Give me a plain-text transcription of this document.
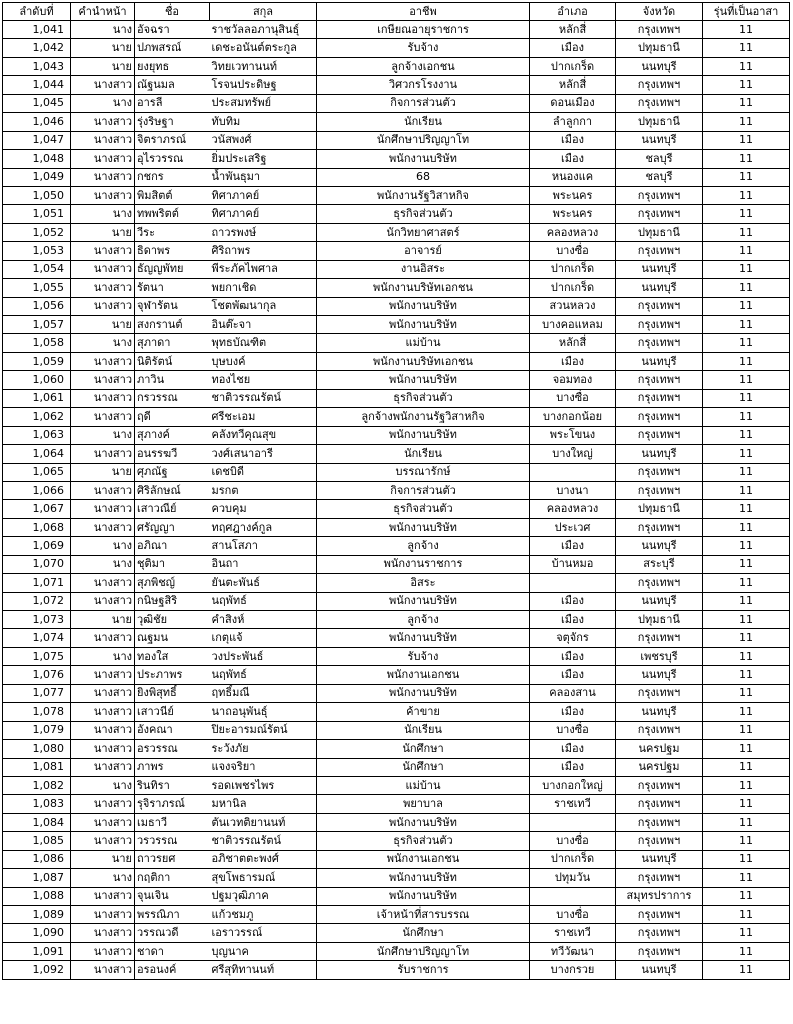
ลำดับที่	คำนำหน้า	ชื่อ	สกุล	อาชีพ	อำเภอ	จังหวัด	รุ่นที่เป็นอาสา
1,041	นาง	อัจฉรา	ราชวัลลอภานุสินธุ์	เกษียณอายุราชการ	หลักสี่	กรุงเทพฯ	11
1,042	นาย	ปภพสรณ์	เดชะอนันต์ตระกูล	รับจ้าง	เมือง	ปทุมธานี	11
1,043	นาย	ยงยุทธ	วิทยเวทานนท์	ลูกจ้างเอกชน	ปากเกร็ด	นนทบุรี	11
1,044	นางสาว	ณัฐนมล	โรจนประดิษฐ	วิศวกรโรงงาน	หลักสี่	กรุงเทพฯ	11
1,045	นาง	อารลี	ประสมทรัพย์	กิจการส่วนตัว	ดอนเมือง	กรุงเทพฯ	11
1,046	นางสาว	รุ่งริษฐา	ทับทิม	นักเรียน	ลำลูกกา	ปทุมธานี	11
1,047	นางสาว	จิตราภรณ์	วนัสพงศ์	นักศึกษาปริญญาโท	เมือง	นนทบุรี	11
1,048	นางสาว	อุไรวรรณ	ยิ่มประเสริฐ	พนักงานบริษัท	เมือง	ชลบุรี	11
1,049	นางสาว	กชกร	น้ำพันธุมา	68	หนองแค	ชลบุรี	11
1,050	นางสาว	พิมสิตต์	ทิศาภาคย์	พนักงานรัฐวิสาหกิจ	พระนคร	กรุงเทพฯ	11
1,051	นาง	ทพพริตต์	ทิศาภาคย์	ธุรกิจส่วนตัว	พระนคร	กรุงเทพฯ	11
1,052	นาย	วีระ	ถาวรพงษ์	นักวิทยาศาสตร์	คลองหลวง	ปทุมธานี	11
1,053	นางสาว	ธิดาพร	ศิริถาพร	อาจารย์	บางซื่อ	กรุงเทพฯ	11
1,054	นางสาว	ธัญญพัทย	พีระภัคไพศาล	งานอิสระ	ปากเกร็ด	นนทบุรี	11
1,055	นางสาว	รัตนา	พยกาเชิด	พนักงานบริษัทเอกชน	ปากเกร็ด	นนทบุรี	11
1,056	นางสาว	จุฬารัตน	โชตพัฒนากุล	พนักงานบริษัท	สวนหลวง	กรุงเทพฯ	11
1,057	นาย	สงกรานต์	อินต๊ะจา	พนักงานบริษัท	บางคอแหลม	กรุงเทพฯ	11
1,058	นาง	สุภาดา	พุทธบัณฑิต	แม่บ้าน	หลักสี่	กรุงเทพฯ	11
1,059	นางสาว	นิติรัตน์	บุษบงค์	พนักงานบริษัทเอกชน	เมือง	นนทบุรี	11
1,060	นางสาว	ภาวิน	ทองไชย	พนักงานบริษัท	จอมทอง	กรุงเทพฯ	11
1,061	นางสาว	กรวรรณ	ชาติวรรณรัตน์	ธุรกิจส่วนตัว	บางซื่อ	กรุงเทพฯ	11
1,062	นางสาว	ฤดี	ศรีชะเอม	ลูกจ้างพนักงานรัฐวิสาหกิจ	บางกอกน้อย	กรุงเทพฯ	11
1,063	นาง	สุภางค์	คลังทวีคุณสุข	พนักงานบริษัท	พระโขนง	กรุงเทพฯ	11
1,064	นางสาว	อนรรฆวี	วงศ์เสนาอารี	นักเรียน	บางใหญ่	นนทบุรี	11
1,065	นาย	ศุภณัฐ	เดชบิดี	บรรณารักษ์		กรุงเทพฯ	11
1,066	นางสาว	ศิริลักษณ์	มรกต	กิจการส่วนตัว	บางนา	กรุงเทพฯ	11
1,067	นางสาว	เสาวณีย์	ควบคุม	ธุรกิจส่วนตัว	คลองหลวง	ปทุมธานี	11
1,068	นางสาว	ศรัญญา	ทฤศฎางค์กูล	พนักงานบริษัท	ประเวศ	กรุงเทพฯ	11
1,069	นาง	อภิณา	สานโสภา	ลูกจ้าง	เมือง	นนทบุรี	11
1,070	นาง	ชุติมา	อินถา	พนักงานราชการ	บ้านหมอ	สระบุรี	11
1,071	นางสาว	สุภพิชญ์	ยันตะพันธ์	อิสระ		กรุงเทพฯ	11
1,072	นางสาว	กนิษฐสิริ	นฤพัทธ์	พนักงานบริษัท	เมือง	นนทบุรี	11
1,073	นาย	วุฒิชัย	คำสิงห์	ลูกจ้าง	เมือง	ปทุมธานี	11
1,074	นางสาว	ณฐมน	เกตุแจ้	พนักงานบริษัท	จตุจักร	กรุงเทพฯ	11
1,075	นาง	ทองใส	วงประพันธ์	รับจ้าง	เมือง	เพชรบุรี	11
1,076	นางสาว	ประภาพร	นฤพัทธ์	พนักงานเอกชน	เมือง	นนทบุรี	11
1,077	นางสาว	ยิงพิสุทธิ์	ฤทธิ์มณี	พนักงานบริษัท	คลองสาน	กรุงเทพฯ	11
1,078	นางสาว	เสาวนีย์	นาถอนุพันธุ์	ค้าขาย	เมือง	นนทบุรี	11
1,079	นางสาว	อังคณา	ปิยะอารมณ์รัตน์	นักเรียน	บางซื่อ	กรุงเทพฯ	11
1,080	นางสาว	อรวรรณ	ระวังภัย	นักศึกษา	เมือง	นครปฐม	11
1,081	นางสาว	ภาพร	แจงจริยา	นักศึกษา	เมือง	นครปฐม	11
1,082	นาง	รินทิรา	รอดเพชรไพร	แม่บ้าน	บางกอกใหญ่	กรุงเทพฯ	11
1,083	นางสาว	รุจิราภรณ์	มหานิล	พยาบาล	ราชเทวี	กรุงเทพฯ	11
1,084	นางสาว	เมธาวี	ตันเวทติยานนท์	พนักงานบริษัท		กรุงเทพฯ	11
1,085	นางสาว	วรวรรณ	ชาติวรรณรัตน์	ธุรกิจส่วนตัว	บางซื่อ	กรุงเทพฯ	11
1,086	นาย	ถาวรยศ	อภิชาตตะพงศ์	พนักงานเอกชน	ปากเกร็ด	นนทบุรี	11
1,087	นาง	กฤติกา	สุขโพธารมณ์	พนักงานบริษัท	ปทุมวัน	กรุงเทพฯ	11
1,088	นางสาว	จุนเจิน	ปฐมวุฒิภาค	พนักงานบริษัท		สมุทรปราการ	11
1,089	นางสาว	พรรณิภา	แก้วชมภู	เจ้าหน้าที่สารบรรณ	บางซื่อ	กรุงเทพฯ	11
1,090	นางสาว	วรรณวดี	เอราวรรณ์	นักศึกษา	ราชเทวี	กรุงเทพฯ	11
1,091	นางสาว	ชาดา	บุญนาค	นักศึกษาปริญญาโท	ทวีวัฒนา	กรุงเทพฯ	11
1,092	นางสาว	อรอนงค์	ศรีสุทิทานนท์	รับราชการ	บางกรวย	นนทบุรี	11
